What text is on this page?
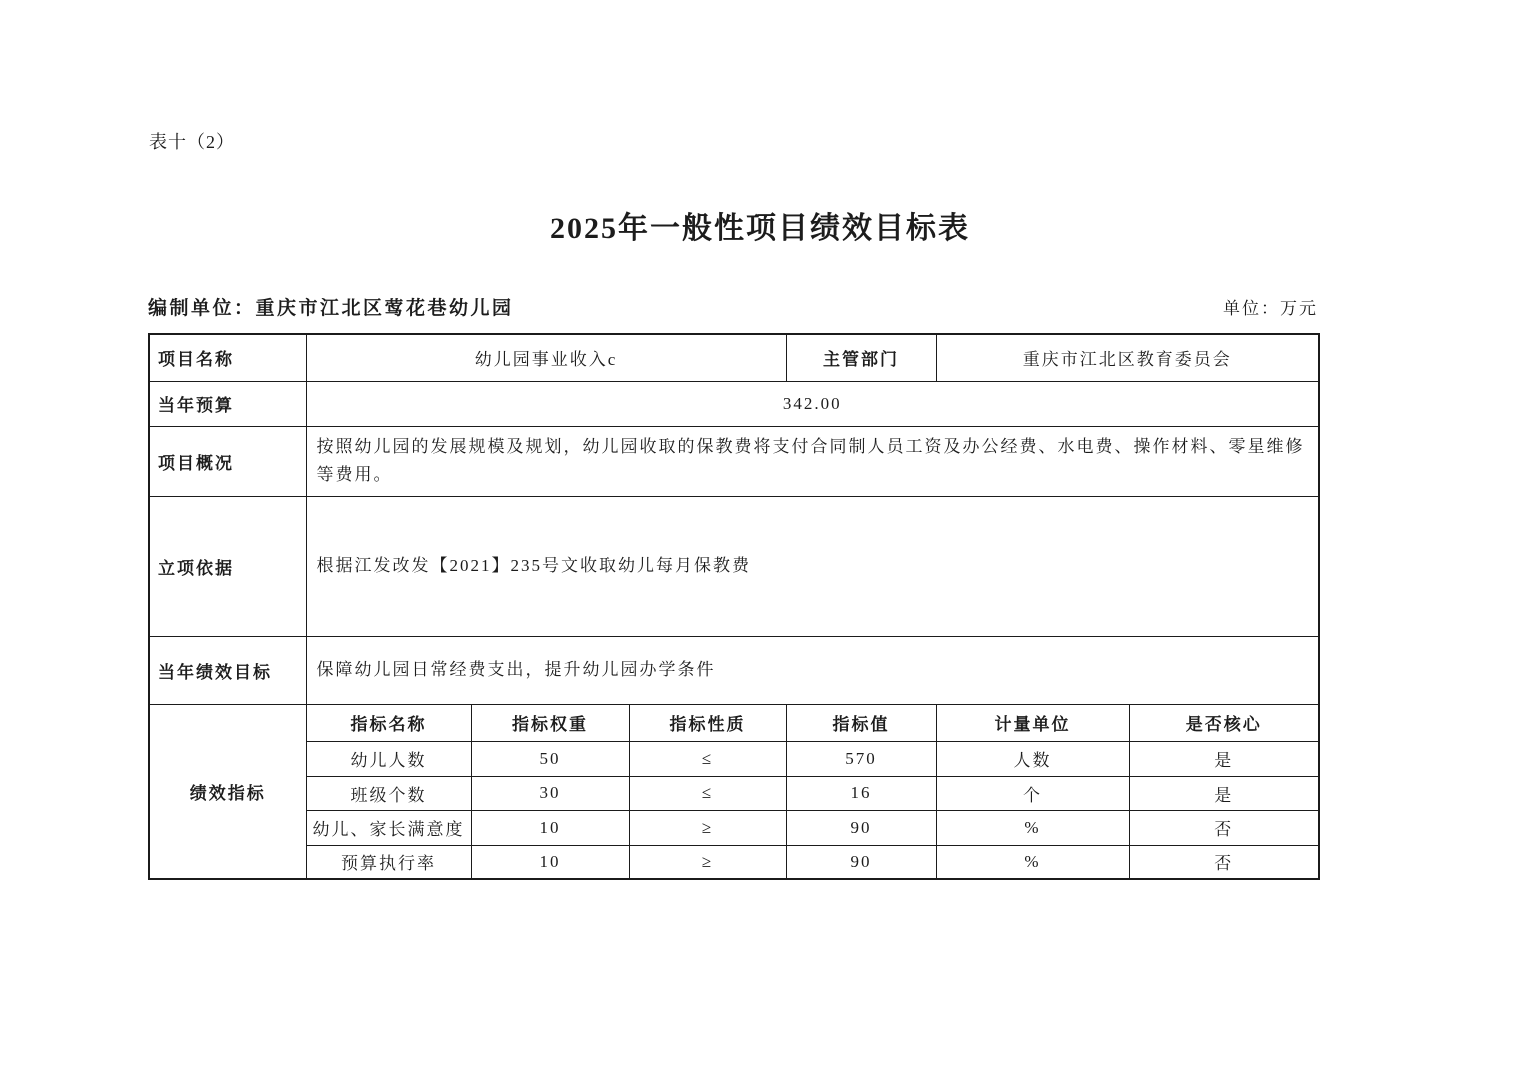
表十（2）
2025年一般性项目绩效目标表
编制单位：重庆市江北区莺花巷幼儿园	单位：万元
项目名称	幼儿园事业收入c			主管部门	重庆市江北区教育委员会	
当年预算	342.00					
项目概况	按照幼儿园的发展规模及规划，幼儿园收取的保教费将支付合同制人员工资及办公经费、水电费、操作材料、零星维修等费用。					
立项依据	根据江发改发【2021】235号文收取幼儿每月保教费					
当年绩效目标	保障幼儿园日常经费支出，提升幼儿园办学条件					
绩效指标	指标名称	指标权重	指标性质	指标值	计量单位	是否核心
	幼儿人数	50	≤	570	人数	是
	班级个数	30	≤	16	个	是
	幼儿、家长满意度	10	≥	90	%	否
	预算执行率	10	≥	90	%	否
